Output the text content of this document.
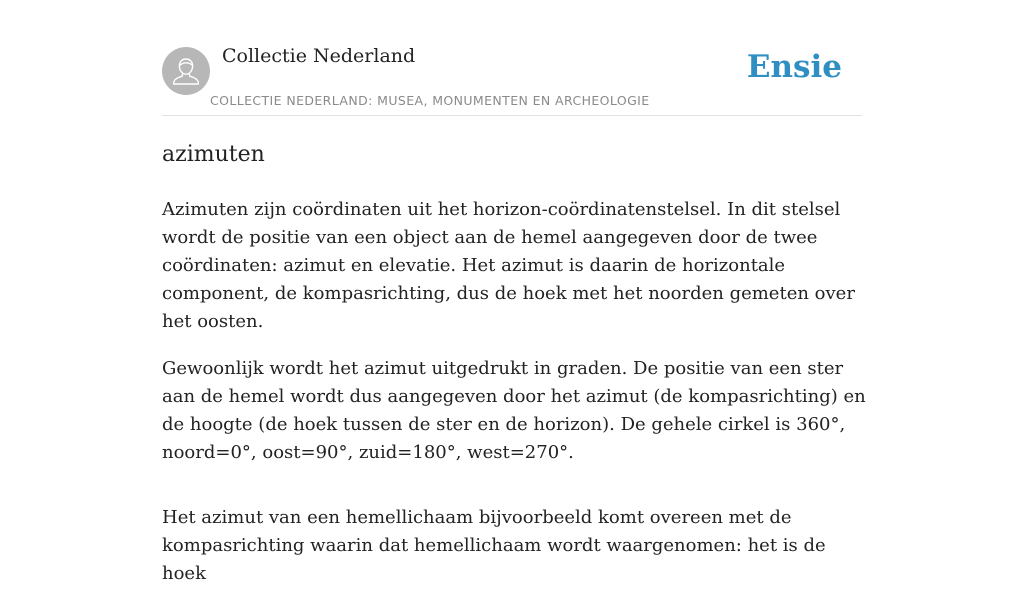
Collectie Nederland
COLLECTIE NEDERLAND: MUSEA, MONUMENTEN EN ARCHEOLOGIE
Ensie
azimuten

Azimuten zijn coördinaten uit het horizon-coördinatenstelsel. In dit stelsel wordt de positie van een object aan de hemel aangegeven door de twee coördinaten: azimut en elevatie. Het azimut is daarin de horizontale component, de kompasrichting, dus de hoek met het noorden gemeten over het oosten.

Gewoonlijk wordt het azimut uitgedrukt in graden. De positie van een ster aan de hemel wordt dus aangegeven door het azimut (de kompasrichting) en de hoogte (de hoek tussen de ster en de horizon). De gehele cirkel is 360°, noord=0°, oost=90°, zuid=180°, west=270°.

Het azimut van een hemellichaam bijvoorbeeld komt overeen met de kompasrichting waarin dat hemellichaam wordt waargenomen: het is de hoek
